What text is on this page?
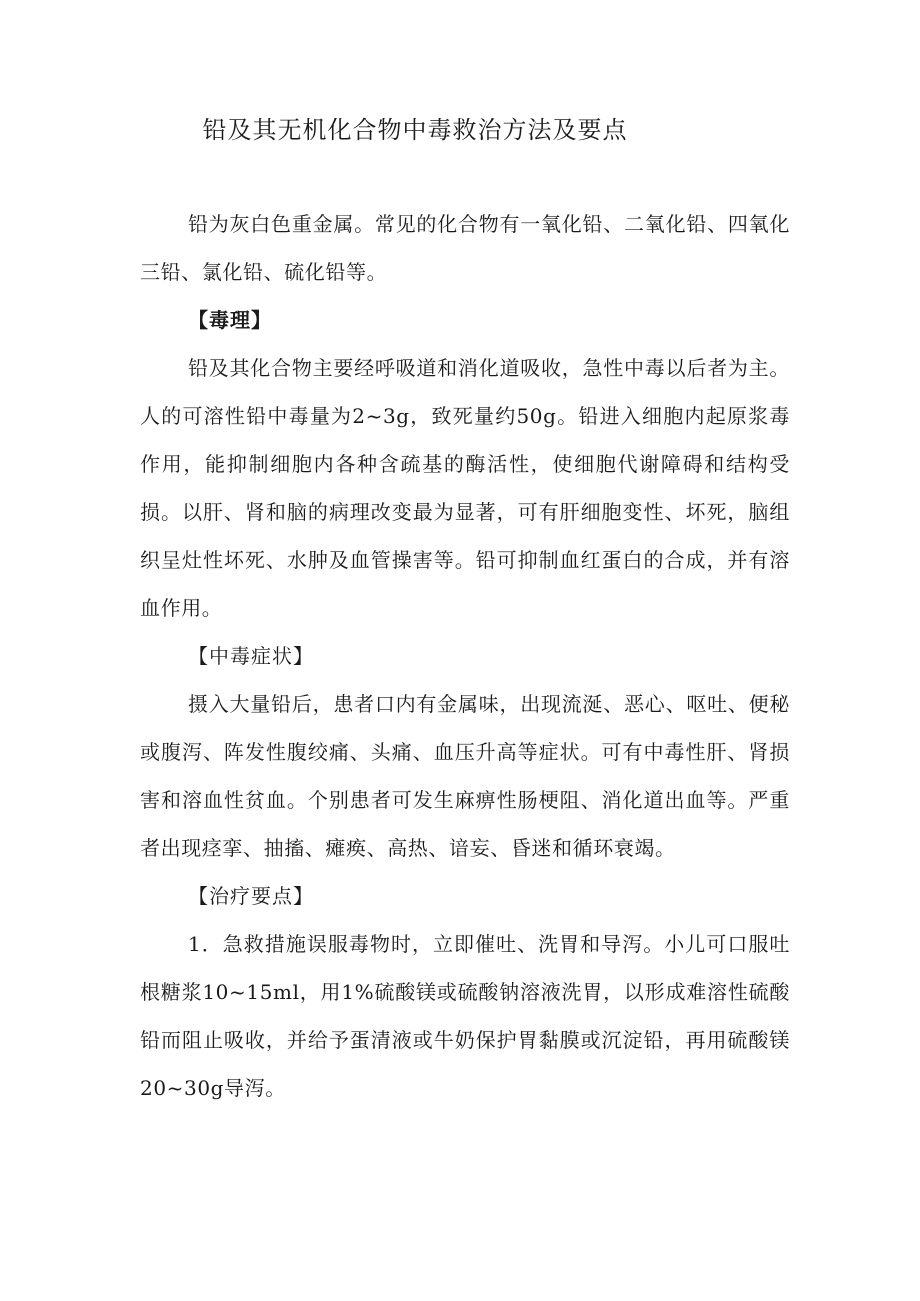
铅及其无机化合物中毒救治方法及要点

铅为灰白色重金属。常见的化合物有一氧化铅、二氧化铅、四氧化三铅、氯化铅、硫化铅等。

【毒理】

铅及其化合物主要经呼吸道和消化道吸收，急性中毒以后者为主。人的可溶性铅中毒量为2~3g，致死量约50g。铅进入细胞内起原浆毒作用，能抑制细胞内各种含疏基的酶活性，使细胞代谢障碍和结构受损。以肝、肾和脑的病理改变最为显著，可有肝细胞变性、坏死，脑组织呈灶性坏死、水肿及血管操害等。铅可抑制血红蛋白的合成，并有溶血作用。

【中毒症状】

摄入大量铅后，患者口内有金属味，出现流涎、恶心、呕吐、便秘或腹泻、阵发性腹绞痛、头痛、血压升高等症状。可有中毒性肝、肾损害和溶血性贫血。个别患者可发生麻痹性肠梗阻、消化道出血等。严重者出现痉挛、抽搐、瘫痪、高热、谙妄、昏迷和循环衰竭。

【治疗要点】

1．急救措施误服毒物时，立即催吐、洗胃和导泻。小儿可口服吐根糖浆10~15ml，用1%硫酸镁或硫酸钠溶液洗胃，以形成难溶性硫酸铅而阻止吸收，并给予蛋清液或牛奶保护胃黏膜或沉淀铅，再用硫酸镁20~30g导泻。
